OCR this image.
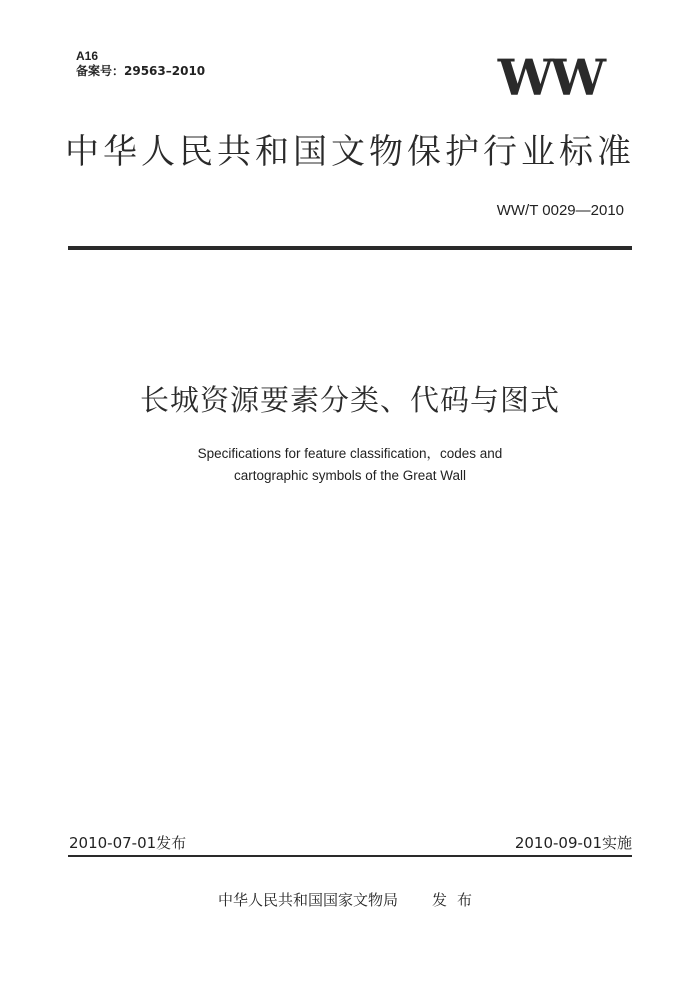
A16
备案号：29563–2010	WW
中华人民共和国文物保护行业标准
WW/T 0029—2010
长城资源要素分类、代码与图式
Specifications for feature classification，codes and
cartographic symbols of the Great Wall
2010-07-01发布	2010-09-01实施
中华人民共和国国家文物局 发布
